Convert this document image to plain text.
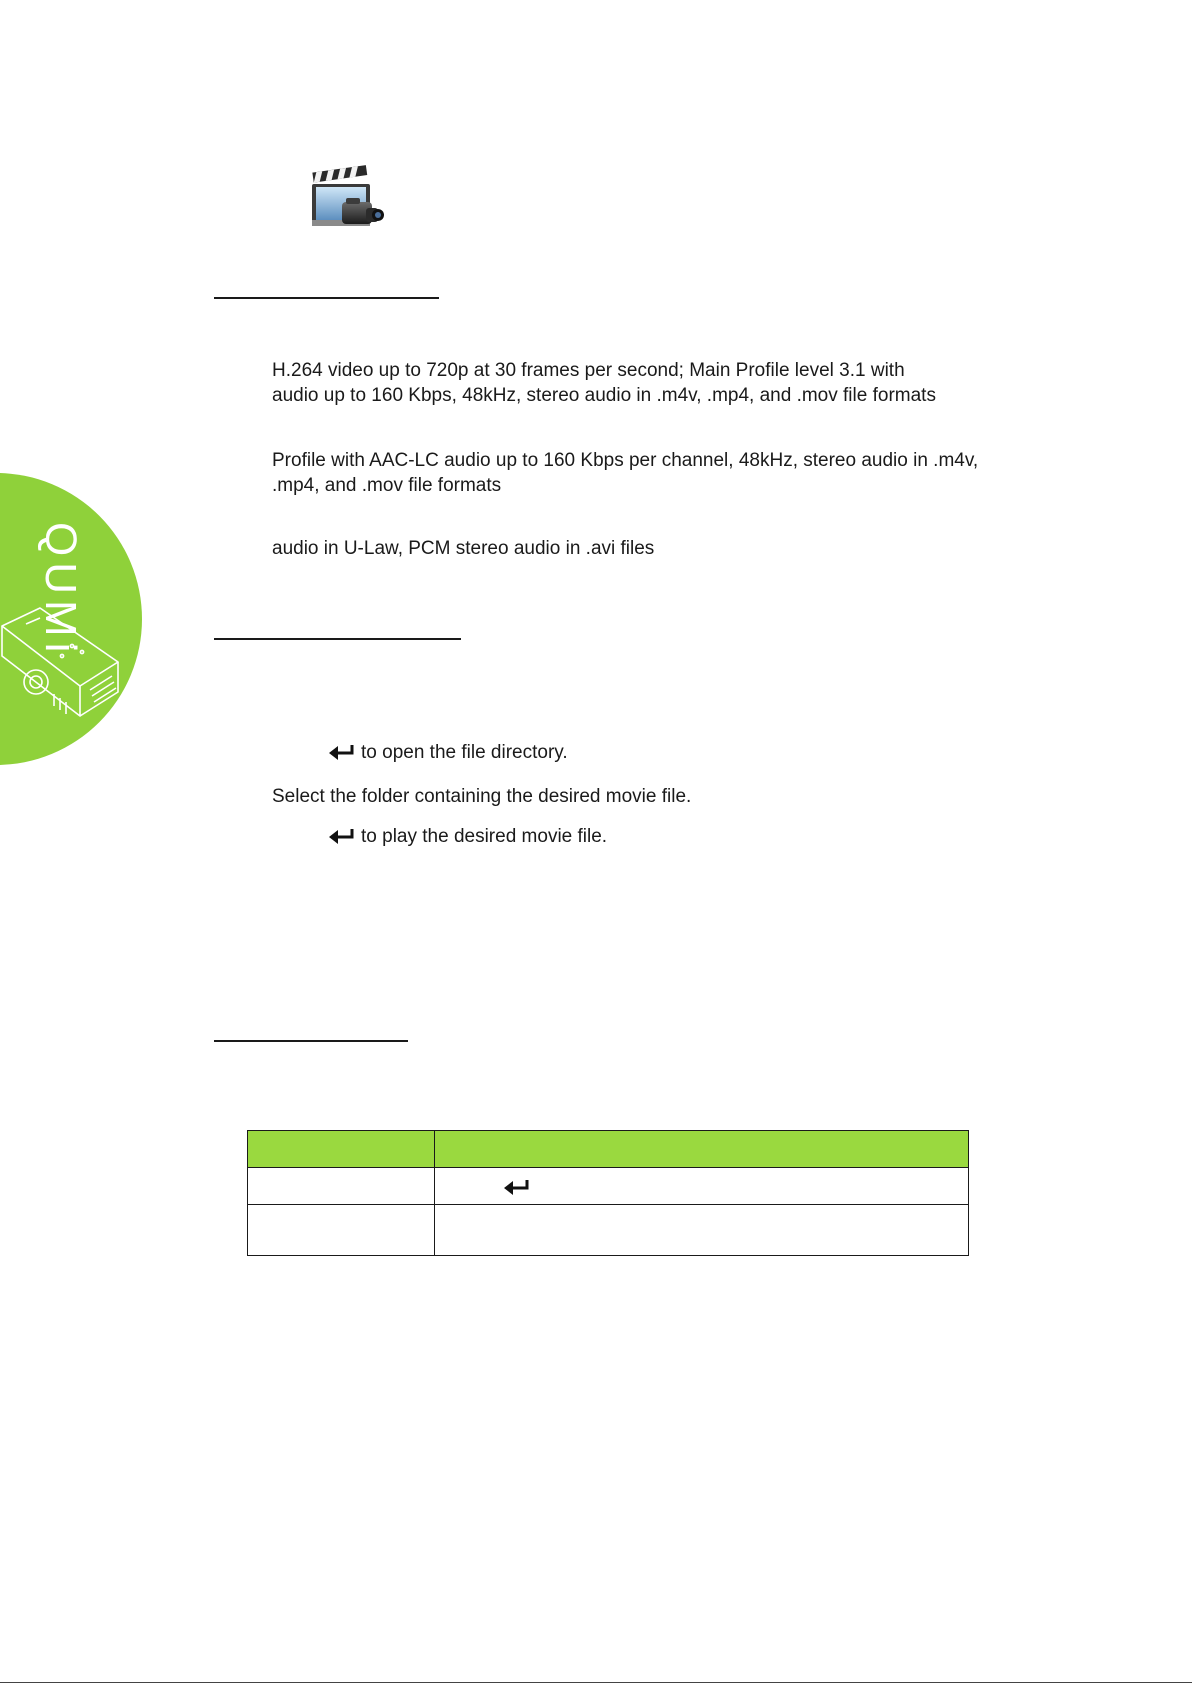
H.264 video up to 720p at 30 frames per second; Main Profile level 3.1 with
audio up to 160 Kbps, 48kHz, stereo audio in .m4v, .mp4, and .mov file formats
Profile with AAC-LC audio up to 160 Kbps per channel, 48kHz, stereo audio in .m4v,
.mp4, and .mov file formats
audio in U-Law, PCM stereo audio in .avi files
to open the file directory.
Select the folder containing the desired movie file.
to play the desired movie file.

QUMi
